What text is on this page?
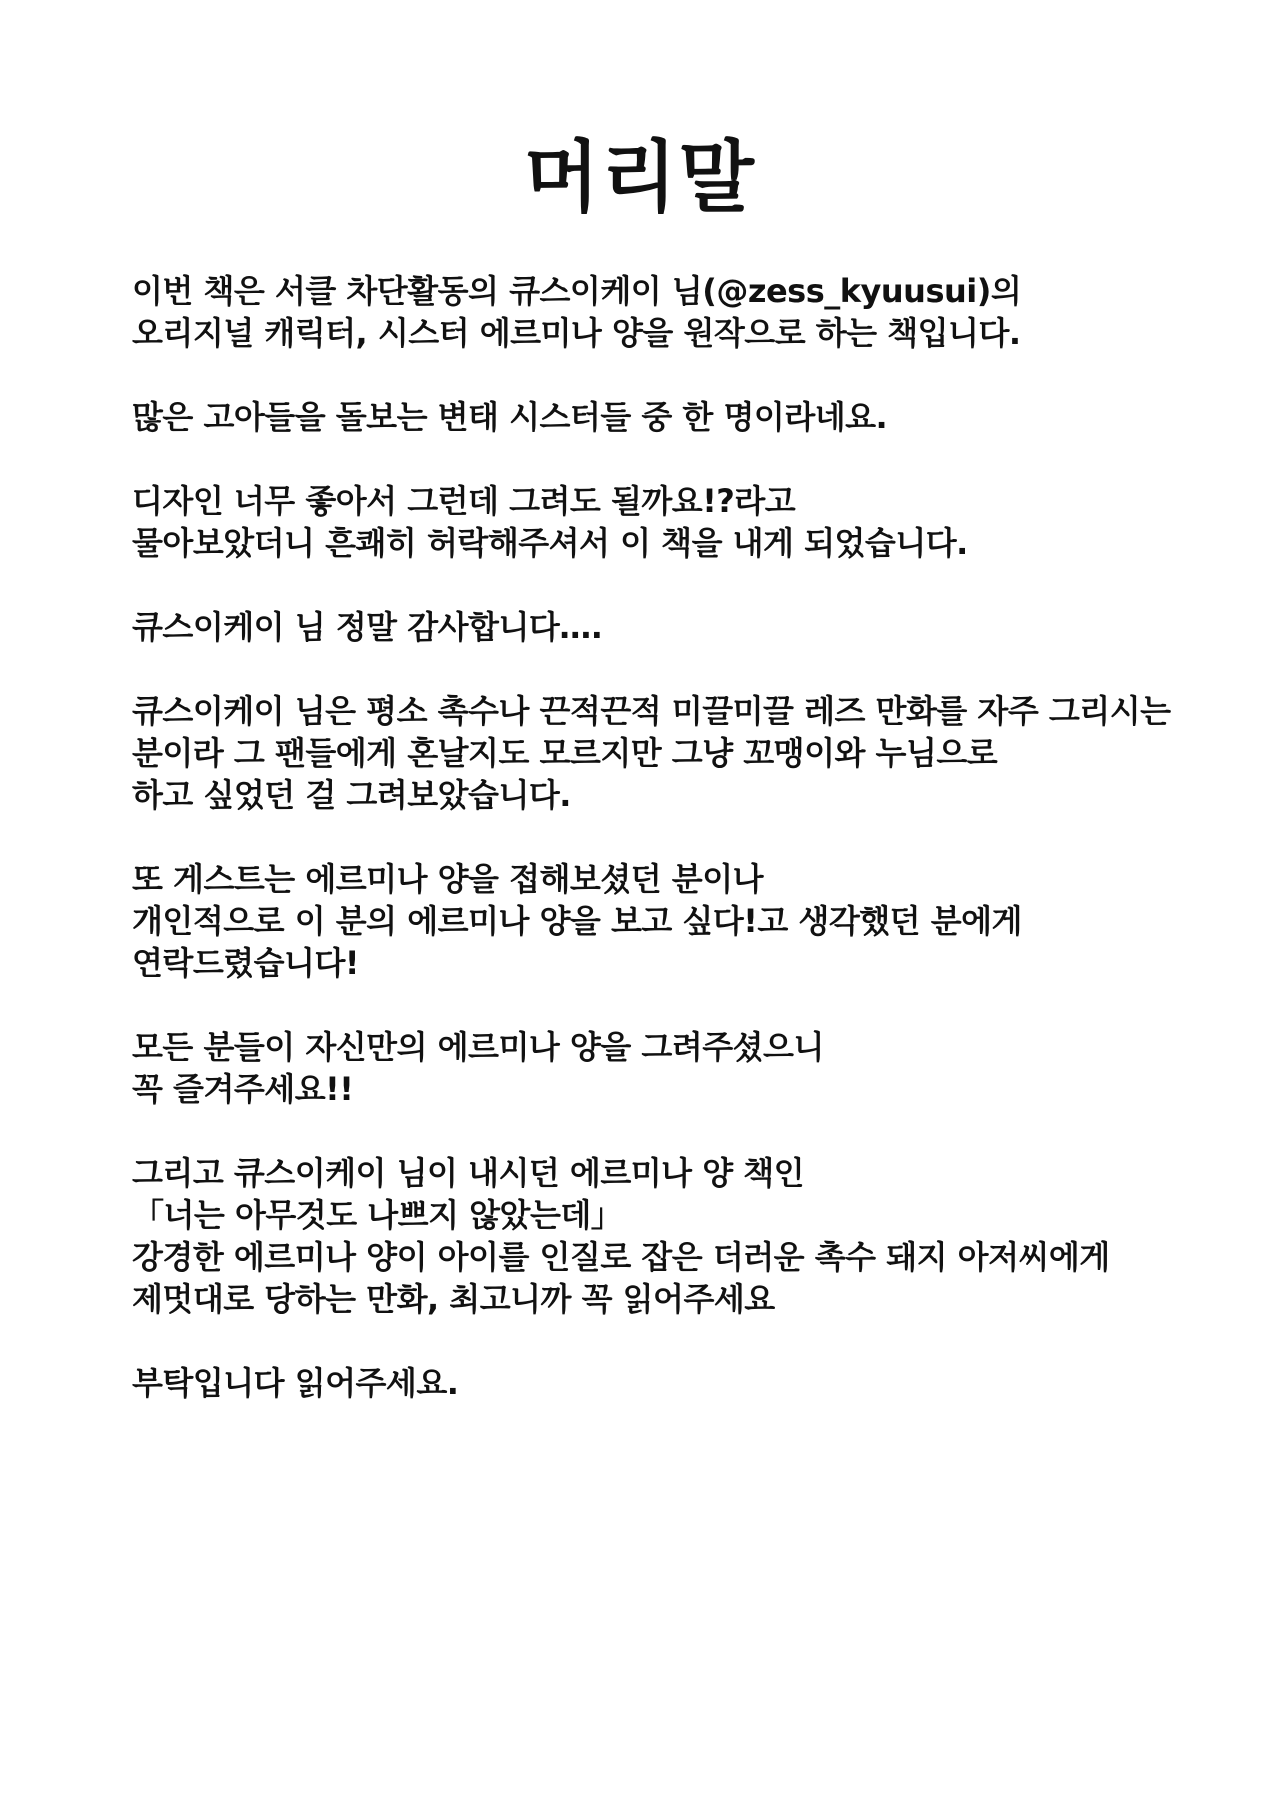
머리말
이번 책은 서클 차단활동의 큐스이케이 님(@zess_kyuusui)의
오리지널 캐릭터, 시스터 에르미나 양을 원작으로 하는 책입니다.
많은 고아들을 돌보는 변태 시스터들 중 한 명이라네요.
디자인 너무 좋아서 그런데 그려도 될까요!?라고
물아보았더니 흔쾌히 허락해주셔서 이 책을 내게 되었습니다.
큐스이케이 님 정말 감사합니다….
큐스이케이 님은 평소 촉수나 끈적끈적 미끌미끌 레즈 만화를 자주 그리시는
분이라 그 팬들에게 혼날지도 모르지만 그냥 꼬맹이와 누님으로
하고 싶었던 걸 그려보았습니다.
또 게스트는 에르미나 양을 접해보셨던 분이나
개인적으로 이 분의 에르미나 양을 보고 싶다!고 생각했던 분에게
연락드렸습니다!
모든 분들이 자신만의 에르미나 양을 그려주셨으니
꼭 즐겨주세요!!
그리고 큐스이케이 님이 내시던 에르미나 양 책인
「너는 아무것도 나쁘지 않았는데」
강경한 에르미나 양이 아이를 인질로 잡은 더러운 촉수 돼지 아저씨에게
제멋대로 당하는 만화, 최고니까 꼭 읽어주세요
부탁입니다 읽어주세요.
